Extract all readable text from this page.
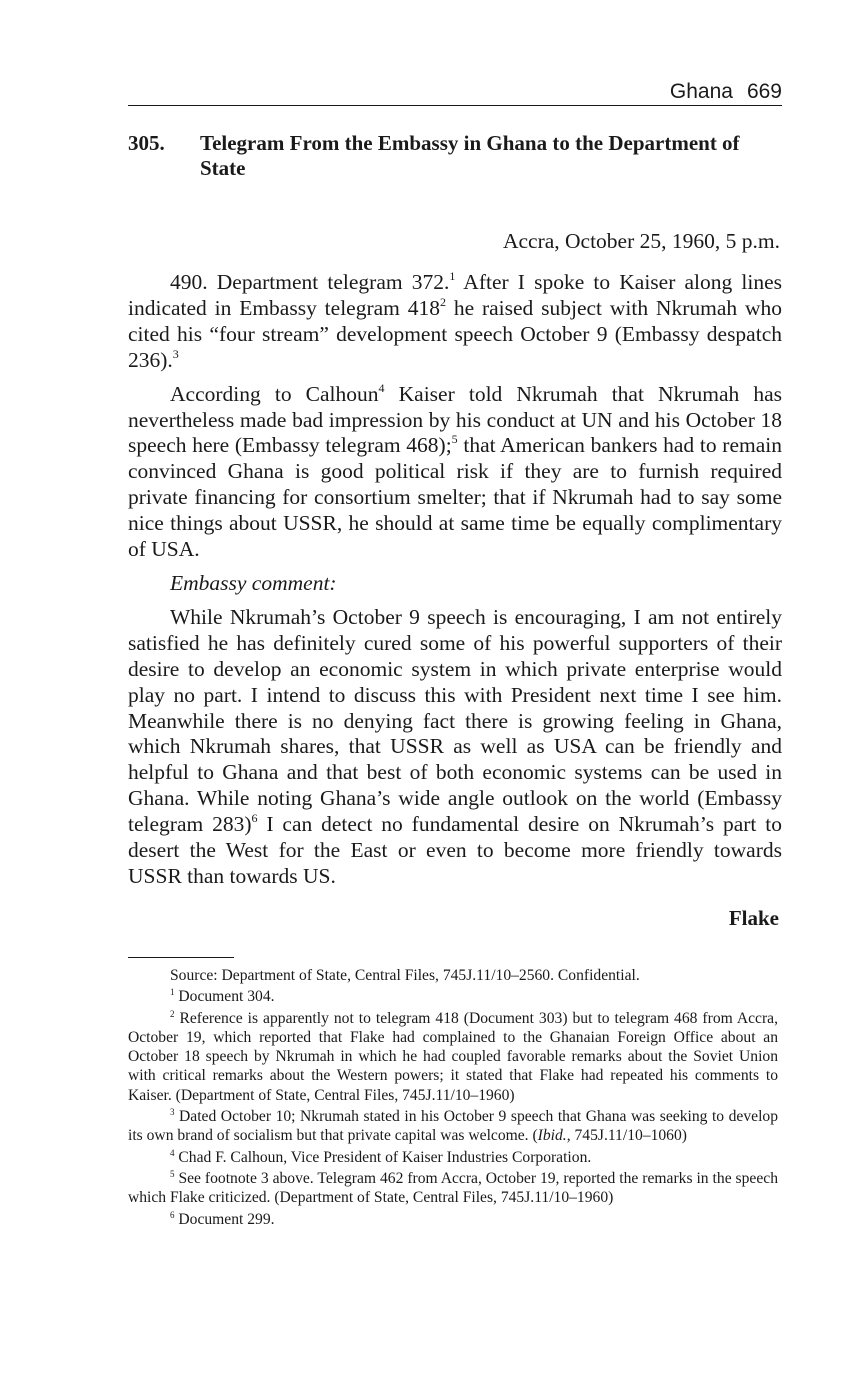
Ghana 669
305. Telegram From the Embassy in Ghana to the Department of State
Accra, October 25, 1960, 5 p.m.

490. Department telegram 372.$^1$ After I spoke to Kaiser along lines indicated in Embassy telegram $418^2$ he raised subject with Nkrumah who cited his “four stream” development speech October 9 (Embassy despatch 236).$^3$

According to Calhoun$^4$ Kaiser told Nkrumah that Nkrumah has nevertheless made bad impression by his conduct at UN and his October 18 speech here (Embassy telegram 468);$^5$ that American bankers had to remain convinced Ghana is good political risk if they are to furnish required private financing for consortium smelter; that if Nkrumah had to say some nice things about USSR, he should at same time be equally complimentary of USA.

Embassy comment:

While Nkrumah’s October 9 speech is encouraging, I am not entirely satisfied he has definitely cured some of his powerful supporters of their desire to develop an economic system in which private enterprise would play no part. I intend to discuss this with President next time I see him. Meanwhile there is no denying fact there is growing feeling in Ghana, which Nkrumah shares, that USSR as well as USA can be friendly and helpful to Ghana and that best of both economic systems can be used in Ghana. While noting Ghana’s wide angle outlook on the world (Embassy telegram 283)$^6$ I can detect no fundamental desire on Nkrumah’s part to desert the West for the East or even to become more friendly towards USSR than towards US.

Flake

Source: Department of State, Central Files, 745J.11/10–2560. Confidential.

$^1$ Document 304.

$^2$ Reference is apparently not to telegram 418 (Document 303) but to telegram 468 from Accra, October 19, which reported that Flake had complained to the Ghanaian Foreign Office about an October 18 speech by Nkrumah in which he had coupled favorable remarks about the Soviet Union with critical remarks about the Western powers; it stated that Flake had repeated his comments to Kaiser. (Department of State, Central Files, 745J.11/10–1960)

$^3$ Dated October 10; Nkrumah stated in his October 9 speech that Ghana was seeking to develop its own brand of socialism but that private capital was welcome. (Ibid., 745J.11/10–1060)

$^4$ Chad F. Calhoun, Vice President of Kaiser Industries Corporation.

$^5$ See footnote 3 above. Telegram 462 from Accra, October 19, reported the remarks in the speech which Flake criticized. (Department of State, Central Files, 745J.11/10–1960)

$^6$ Document 299.
